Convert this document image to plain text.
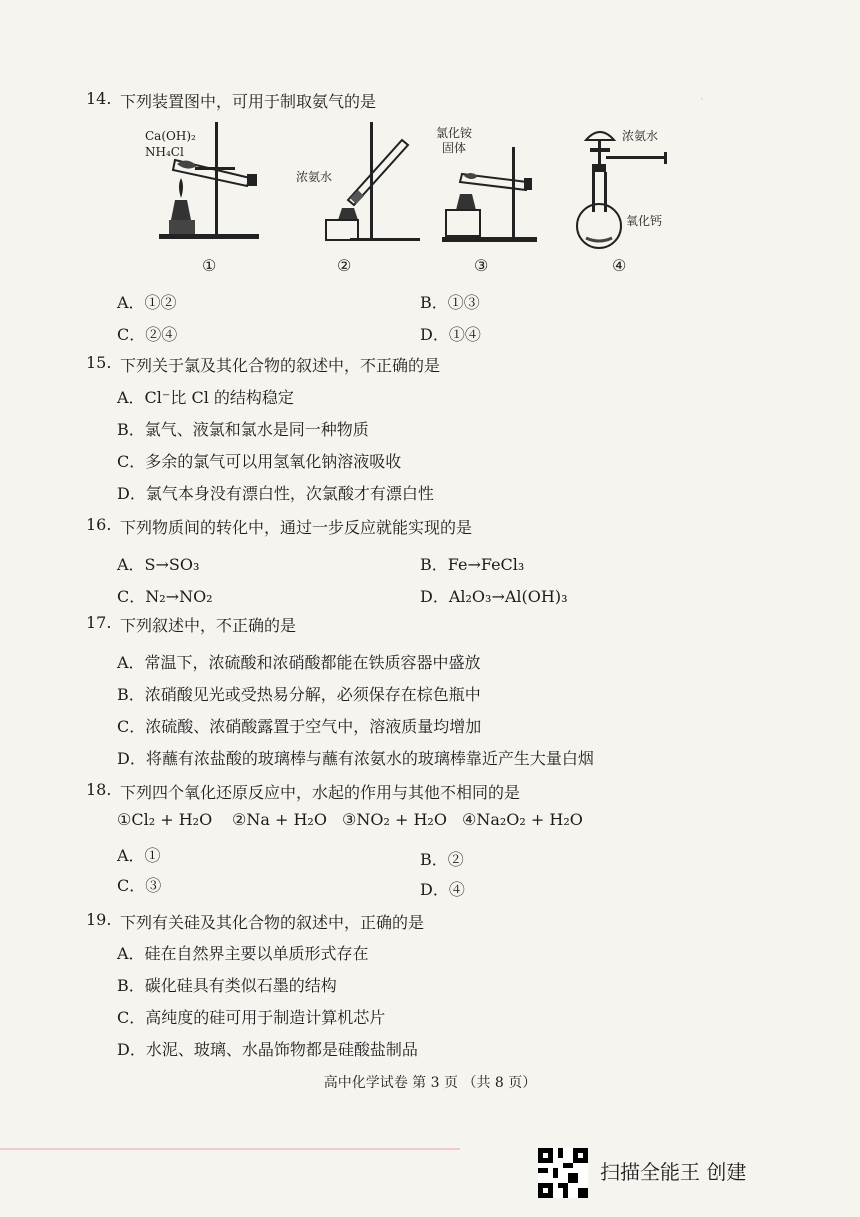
·
14. 下列装置图中，可用于制取氨气的是
Ca(OH)₂
NH₄Cl
浓氨水
氯化铵
固体
浓氨水
氧化钙
①	②	③	④
A．①②	B．①③
C．②④	D．①④
15. 下列关于氯及其化合物的叙述中，不正确的是
A．Cl⁻比 Cl 的结构稳定
B．氯气、液氯和氯水是同一种物质
C．多余的氯气可以用氢氧化钠溶液吸收
D．氯气本身没有漂白性，次氯酸才有漂白性
16. 下列物质间的转化中，通过一步反应就能实现的是
A．S→SO₃	B．Fe→FeCl₃
C．N₂→NO₂	D．Al₂O₃→Al(OH)₃
17. 下列叙述中，不正确的是
A．常温下，浓硫酸和浓硝酸都能在铁质容器中盛放
B．浓硝酸见光或受热易分解，必须保存在棕色瓶中
C．浓硫酸、浓硝酸露置于空气中，溶液质量均增加
D．将蘸有浓盐酸的玻璃棒与蘸有浓氨水的玻璃棒靠近产生大量白烟
18. 下列四个氧化还原反应中，水起的作用与其他不相同的是
①Cl₂ + H₂O ②Na + H₂O ③NO₂ + H₂O ④Na₂O₂ + H₂O
A．①	B．②
C．③	D．④
19. 下列有关硅及其化合物的叙述中，正确的是
A．硅在自然界主要以单质形式存在
B．碳化硅具有类似石墨的结构
C．高纯度的硅可用于制造计算机芯片
D．水泥、玻璃、水晶饰物都是硅酸盐制品
高中化学试卷 第 3 页 （共 8 页）
扫描全能王 创建
